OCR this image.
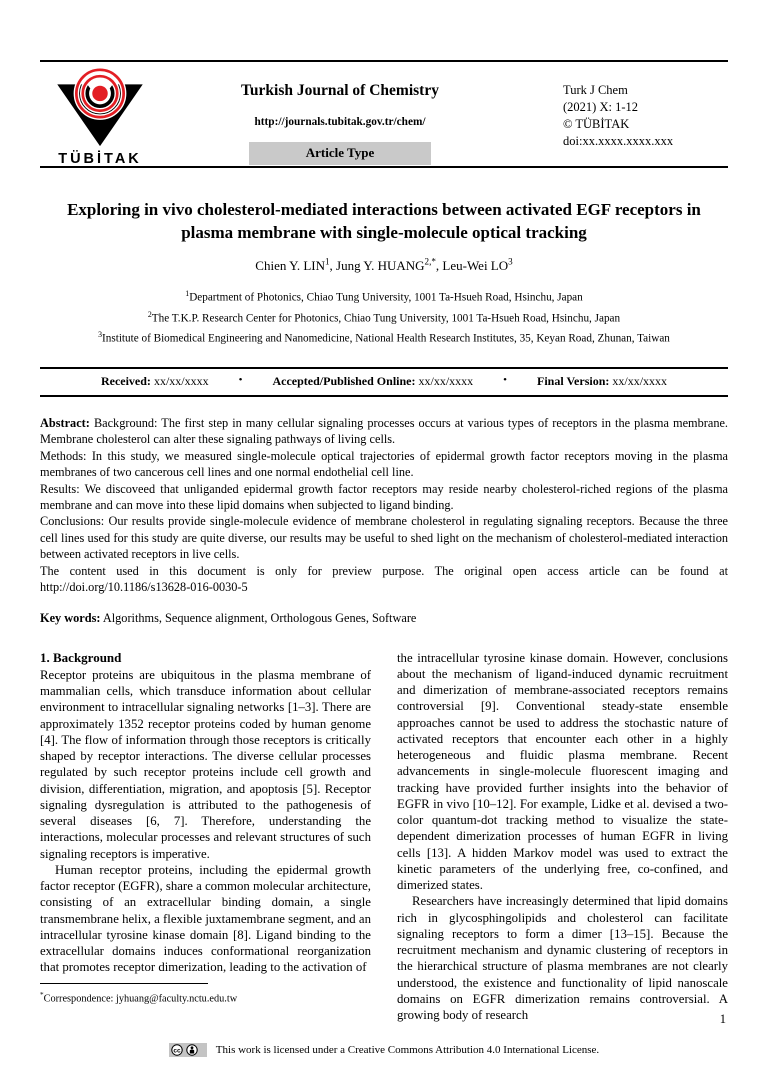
TÜBİTAK
Turkish Journal of Chemistry
http://journals.tubitak.gov.tr/chem/
Article Type
Turk J Chem
(2021) X: 1-12
© TÜBİTAK
doi:xx.xxxx.xxxx.xxx
Exploring in vivo cholesterol-mediated interactions between activated EGF receptors in plasma membrane with single-molecule optical tracking
Chien Y. LIN$^1$, Jung Y. $HUANG^{2,*}$, Leu-Wei $LO^3$
$^1$Department of Photonics, Chiao Tung University, 1001 Ta-Hsueh Road, Hsinchu, Japan
$^2$The T.K.P. Research Center for Photonics, Chiao Tung University, 1001 Ta-Hsueh Road, Hsinchu, Japan
$^3$Institute of Biomedical Engineering and Nanomedicine, National Health Research Institutes, 35, Keyan Road, Zhunan, Taiwan
Received: xx/xx/xxxx	•	Accepted/Published Online: xx/xx/xxxx	•	Final Version: xx/xx/xxxx

Abstract: Background: The first step in many cellular signaling processes occurs at various types of receptors in the plasma membrane. Membrane cholesterol can alter these signaling pathways of living cells.

Methods: In this study, we measured single-molecule optical trajectories of epidermal growth factor receptors moving in the plasma membranes of two cancerous cell lines and one normal endothelial cell line.

Results: We discoveed that unliganded epidermal growth factor receptors may reside nearby cholesterol-riched regions of the plasma membrane and can move into these lipid domains when subjected to ligand binding.

Conclusions: Our results provide single-molecule evidence of membrane cholesterol in regulating signaling receptors. Because the three cell lines used for this study are quite diverse, our results may be useful to shed light on the mechanism of cholesterol-mediated interaction between activated receptors in live cells.

The content used in this document is only for preview purpose. The original open access article can be found at http://doi.org/10.1186/s13628-016-0030-5

Key words: Algorithms, Sequence alignment, Orthologous Genes, Software
1. Background

Receptor proteins are ubiquitous in the plasma membrane of mammalian cells, which transduce information about cellular environment to intracellular signaling networks [1–3]. There are approximately 1352 receptor proteins coded by human genome [4]. The flow of information through those receptors is critically shaped by receptor interactions. The diverse cellular processes regulated by such receptor proteins include cell growth and division, differentiation, migration, and apoptosis [5]. Receptor signaling dysregulation is attributed to the pathogenesis of several diseases [6, 7]. Therefore, understanding the interactions, molecular processes and relevant structures of such signaling receptors is imperative.

Human receptor proteins, including the epidermal growth factor receptor (EGFR), share a common molecular architecture, consisting of an extracellular binding domain, a single transmembrane helix, a flexible juxtamembrane segment, and an intracellular tyrosine kinase domain [8]. Ligand binding to the extracellular domains induces conformational reorganization that promotes receptor dimerization, leading to the activation of

*Correspondence: jyhuang@faculty.nctu.edu.tw

the intracellular tyrosine kinase domain. However, conclusions about the mechanism of ligand-induced dynamic recruitment and dimerization of membrane-associated receptors remains controversial [9]. Conventional steady-state ensemble approaches cannot be used to address the stochastic nature of activated receptors that encounter each other in a highly heterogeneous and fluidic plasma membrane. Recent advancements in single-molecule fluorescent imaging and tracking have provided further insights into the behavior of EGFR in vivo [10–12]. For example, Lidke et al. devised a two-color quantum-dot tracking method to visualize the state-dependent dimerization processes of human EGFR in living cells [13]. A hidden Markov model was used to extract the kinetic parameters of the underlying free, co-confined, and dimerized states.

Researchers have increasingly determined that lipid domains rich in glycosphingolipids and cholesterol can facilitate signaling receptors to form a dimer [13–15]. Because the recruitment mechanism and dynamic clustering of receptors in the hierarchical structure of plasma membranes are not clearly understood, the existence and functionality of lipid nanoscale domains on EGFR dimerization remains controversial. A growing body of research	1
cc	This work is licensed under a Creative Commons Attribution 4.0 International License.
